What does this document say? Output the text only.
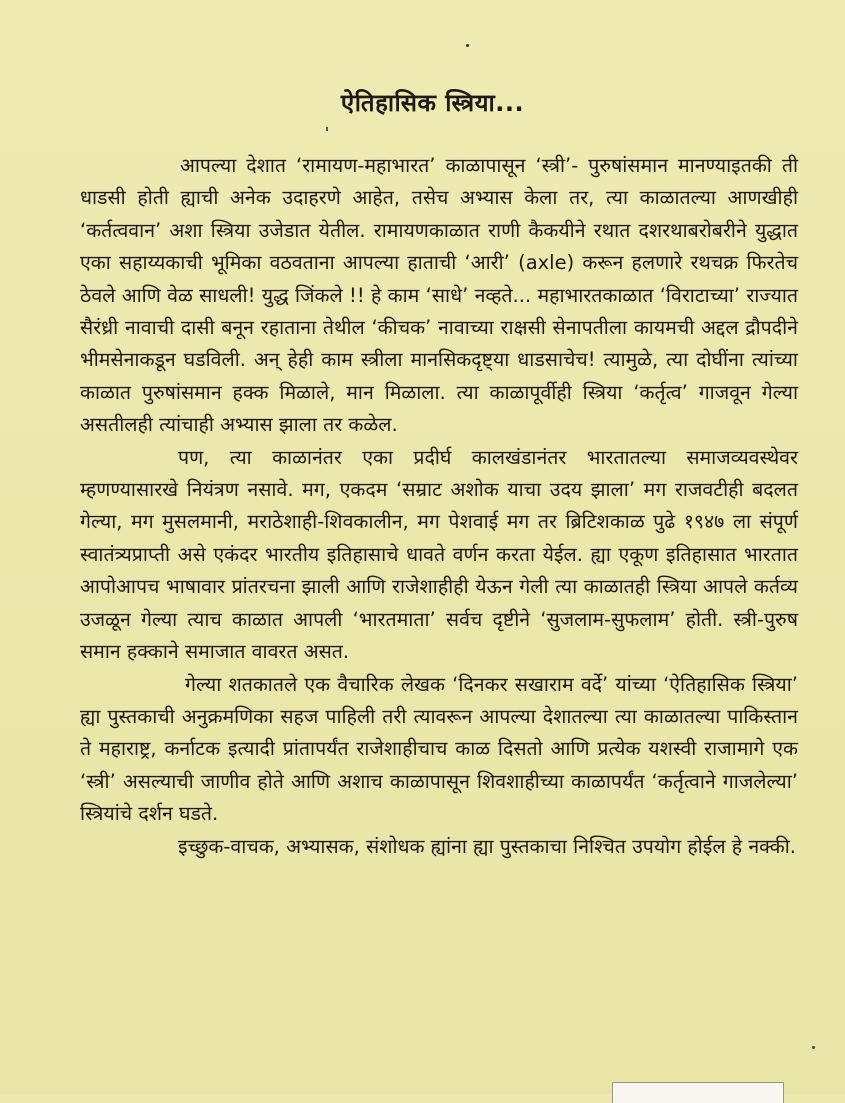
ऐतिहासिक स्त्रिया...

आपल्या देशात ‘रामायण-महाभारत’ काळापासून ‘स्त्री’- पुरुषांसमान मानण्याइतकी ती धाडसी होती ह्याची अनेक उदाहरणे आहेत, तसेच अभ्यास केला तर, त्या काळातल्या आणखीही ‘कर्तत्ववान’ अशा स्त्रिया उजेडात येतील. रामायणकाळात राणी कैकयीने रथात दशरथाबरोबरीने युद्धात एका सहाय्यकाची भूमिका वठवताना आपल्या हाताची ‘आरी’ (axle) करून हलणारे रथचक्र फिरतेच ठेवले आणि वेळ साधली! युद्ध जिंकले !! हे काम ‘साधे’ नव्हते... महाभारतकाळात ‘विराटाच्या’ राज्यात सैरंध्री नावाची दासी बनून रहाताना तेथील ‘कीचक’ नावाच्या राक्षसी सेनापतीला कायमची अद्दल द्रौपदीने भीमसेनाकडून घडविली. अन् हेही काम स्त्रीला मानसिकदृष्ट्या धाडसाचेच! त्यामुळे, त्या दोघींना त्यांच्या काळात पुरुषांसमान हक्क मिळाले, मान मिळाला. त्या काळापूर्वीही स्त्रिया ‘कर्तृत्व’ गाजवून गेल्या असतीलही त्यांचाही अभ्यास झाला तर कळेल.

पण, त्या काळानंतर एका प्रदीर्घ कालखंडानंतर भारतातल्या समाजव्यवस्थेवर म्हणण्यासारखे नियंत्रण नसावे. मग, एकदम ‘सम्राट अशोक याचा उदय झाला’ मग राजवटीही बदलत गेल्या, मग मुसलमानी, मराठेशाही-शिवकालीन, मग पेशवाई मग तर ब्रिटिशकाळ पुढे १९४७ ला संपूर्ण स्वातंत्र्यप्राप्ती असे एकंदर भारतीय इतिहासाचे धावते वर्णन करता येईल. ह्या एकूण इतिहासात भारतात आपोआपच भाषावार प्रांतरचना झाली आणि राजेशाहीही येऊन गेली त्या काळातही स्त्रिया आपले कर्तव्य उजळून गेल्या त्याच काळात आपली ‘भारतमाता’ सर्वच दृष्टीने ‘सुजलाम-सुफलाम’ होती. स्त्री-पुरुष समान हक्काने समाजात वावरत असत.

गेल्या शतकातले एक वैचारिक लेखक ‘दिनकर सखाराम वर्दे’ यांच्या ‘ऐतिहासिक स्त्रिया’ ह्या पुस्तकाची अनुक्रमणिका सहज पाहिली तरी त्यावरून आपल्या देशातल्या त्या काळातल्या पाकिस्तान ते महाराष्ट्र, कर्नाटक इत्यादी प्रांतापर्यंत राजेशाहीचाच काळ दिसतो आणि प्रत्येक यशस्वी राजामागे एक ‘स्त्री’ असल्याची जाणीव होते आणि अशाच काळापासून शिवशाहीच्या काळापर्यंत ‘कर्तृत्वाने गाजलेल्या’ स्त्रियांचे दर्शन घडते.

इच्छुक-वाचक, अभ्यासक, संशोधक ह्यांना ह्या पुस्तकाचा निश्चित उपयोग होईल हे नक्की.
